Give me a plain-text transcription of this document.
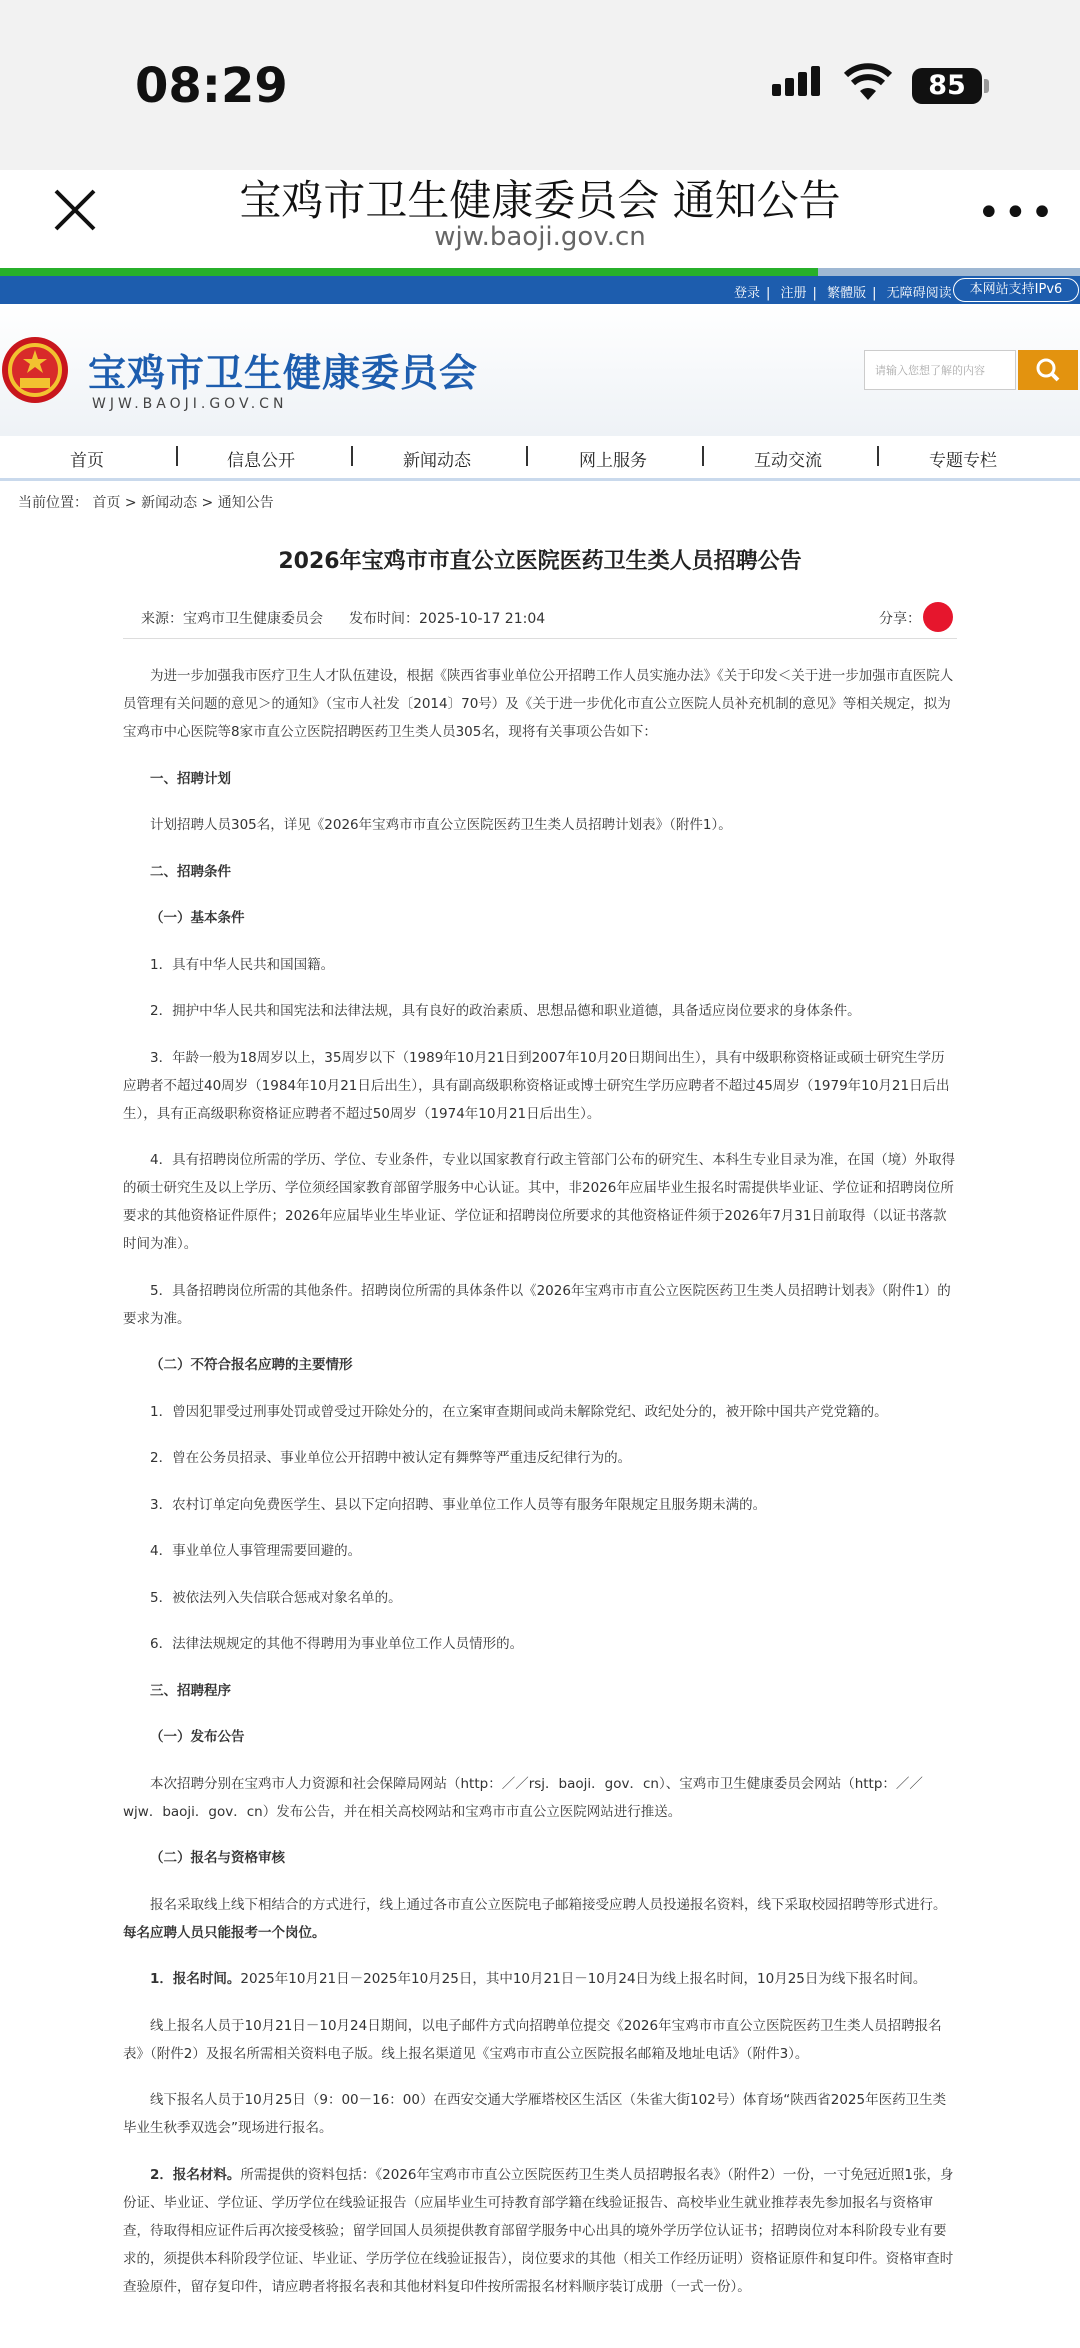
08:29	85
宝鸡市卫生健康委员会 通知公告
wjw.baoji.gov.cn
•••
登录 | 注册 | 繁體版 | 无障碍阅读	本网站支持IPv6
宝鸡市卫生健康委员会
WJW.BAOJI.GOV.CN
请输入您想了解的内容
首页	信息公开	新闻动态	网上服务	互动交流	专题专栏
当前位置： 首页 > 新闻动态 > 通知公告
2026年宝鸡市市直公立医院医药卫生类人员招聘公告
来源：宝鸡市卫生健康委员会 发布时间：2025-10-17 21:04	分享：

为进一步加强我市医疗卫生人才队伍建设，根据《陕西省事业单位公开招聘工作人员实施办法》《关于印发＜关于进一步加强市直医院人员管理有关问题的意见＞的通知》（宝市人社发〔2014〕70号）及《关于进一步优化市直公立医院人员补充机制的意见》等相关规定，拟为宝鸡市中心医院等8家市直公立医院招聘医药卫生类人员305名，现将有关事项公告如下：

一、招聘计划

计划招聘人员305名，详见《2026年宝鸡市市直公立医院医药卫生类人员招聘计划表》（附件1）。

二、招聘条件

（一）基本条件

1．具有中华人民共和国国籍。

2．拥护中华人民共和国宪法和法律法规，具有良好的政治素质、思想品德和职业道德，具备适应岗位要求的身体条件。

3．年龄一般为18周岁以上，35周岁以下（1989年10月21日到2007年10月20日期间出生），具有中级职称资格证或硕士研究生学历应聘者不超过40周岁（1984年10月21日后出生），具有副高级职称资格证或博士研究生学历应聘者不超过45周岁（1979年10月21日后出生），具有正高级职称资格证应聘者不超过50周岁（1974年10月21日后出生）。

4．具有招聘岗位所需的学历、学位、专业条件，专业以国家教育行政主管部门公布的研究生、本科生专业目录为准，在国（境）外取得的硕士研究生及以上学历、学位须经国家教育部留学服务中心认证。其中，非2026年应届毕业生报名时需提供毕业证、学位证和招聘岗位所要求的其他资格证件原件；2026年应届毕业生毕业证、学位证和招聘岗位所要求的其他资格证件须于2026年7月31日前取得（以证书落款时间为准）。

5．具备招聘岗位所需的其他条件。招聘岗位所需的具体条件以《2026年宝鸡市市直公立医院医药卫生类人员招聘计划表》（附件1）的要求为准。

（二）不符合报名应聘的主要情形

1．曾因犯罪受过刑事处罚或曾受过开除处分的，在立案审查期间或尚未解除党纪、政纪处分的，被开除中国共产党党籍的。

2．曾在公务员招录、事业单位公开招聘中被认定有舞弊等严重违反纪律行为的。

3．农村订单定向免费医学生、县以下定向招聘、事业单位工作人员等有服务年限规定且服务期未满的。

4．事业单位人事管理需要回避的。

5．被依法列入失信联合惩戒对象名单的。

6．法律法规规定的其他不得聘用为事业单位工作人员情形的。

三、招聘程序

（一）发布公告

本次招聘分别在宝鸡市人力资源和社会保障局网站（http：／／rsj．baoji．gov．cn）、宝鸡市卫生健康委员会网站（http：／／wjw．baoji．gov．cn）发布公告，并在相关高校网站和宝鸡市市直公立医院网站进行推送。

（二）报名与资格审核

报名采取线上线下相结合的方式进行，线上通过各市直公立医院电子邮箱接受应聘人员投递报名资料，线下采取校园招聘等形式进行。每名应聘人员只能报考一个岗位。

1．报名时间。2025年10月21日－2025年10月25日，其中10月21日－10月24日为线上报名时间，10月25日为线下报名时间。

线上报名人员于10月21日－10月24日期间，以电子邮件方式向招聘单位提交《2026年宝鸡市市直公立医院医药卫生类人员招聘报名表》（附件2）及报名所需相关资料电子版。线上报名渠道见《宝鸡市市直公立医院报名邮箱及地址电话》（附件3）。

线下报名人员于10月25日（9：00－16：00）在西安交通大学雁塔校区生活区（朱雀大街102号）体育场“陕西省2025年医药卫生类毕业生秋季双选会”现场进行报名。

2．报名材料。所需提供的资料包括：《2026年宝鸡市市直公立医院医药卫生类人员招聘报名表》（附件2）一份，一寸免冠近照1张，身份证、毕业证、学位证、学历学位在线验证报告（应届毕业生可持教育部学籍在线验证报告、高校毕业生就业推荐表先参加报名与资格审查，待取得相应证件后再次接受核验；留学回国人员须提供教育部留学服务中心出具的境外学历学位认证书；招聘岗位对本科阶段专业有要求的，须提供本科阶段学位证、毕业证、学历学位在线验证报告），岗位要求的其他（相关工作经历证明）资格证原件和复印件。资格审查时查验原件，留存复印件，请应聘者将报名表和其他材料复印件按所需报名材料顺序装订成册（一式一份）。
